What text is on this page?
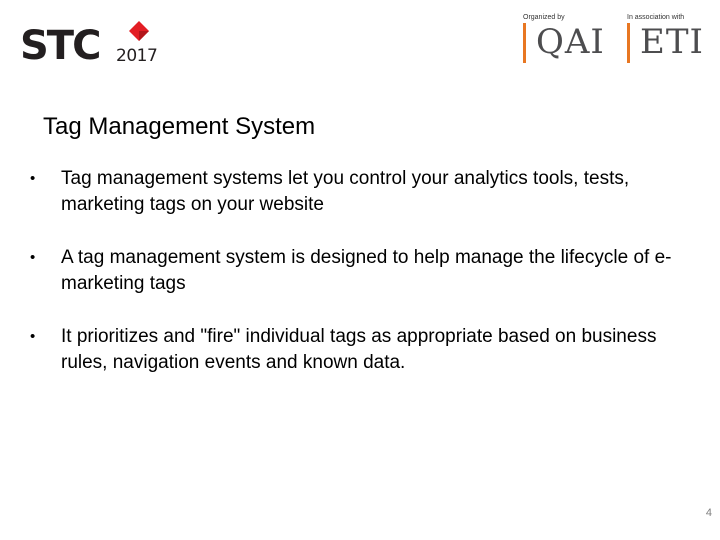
STC 2017
Organized by
QAI
In association with
ETI
Tag Management System
• Tag management systems let you control your analytics tools, tests, marketing tags on your website
• A tag management system is designed to help manage the lifecycle of e-marketing tags
• It prioritizes and "fire" individual tags as appropriate based on business rules, navigation events and known data.
4
